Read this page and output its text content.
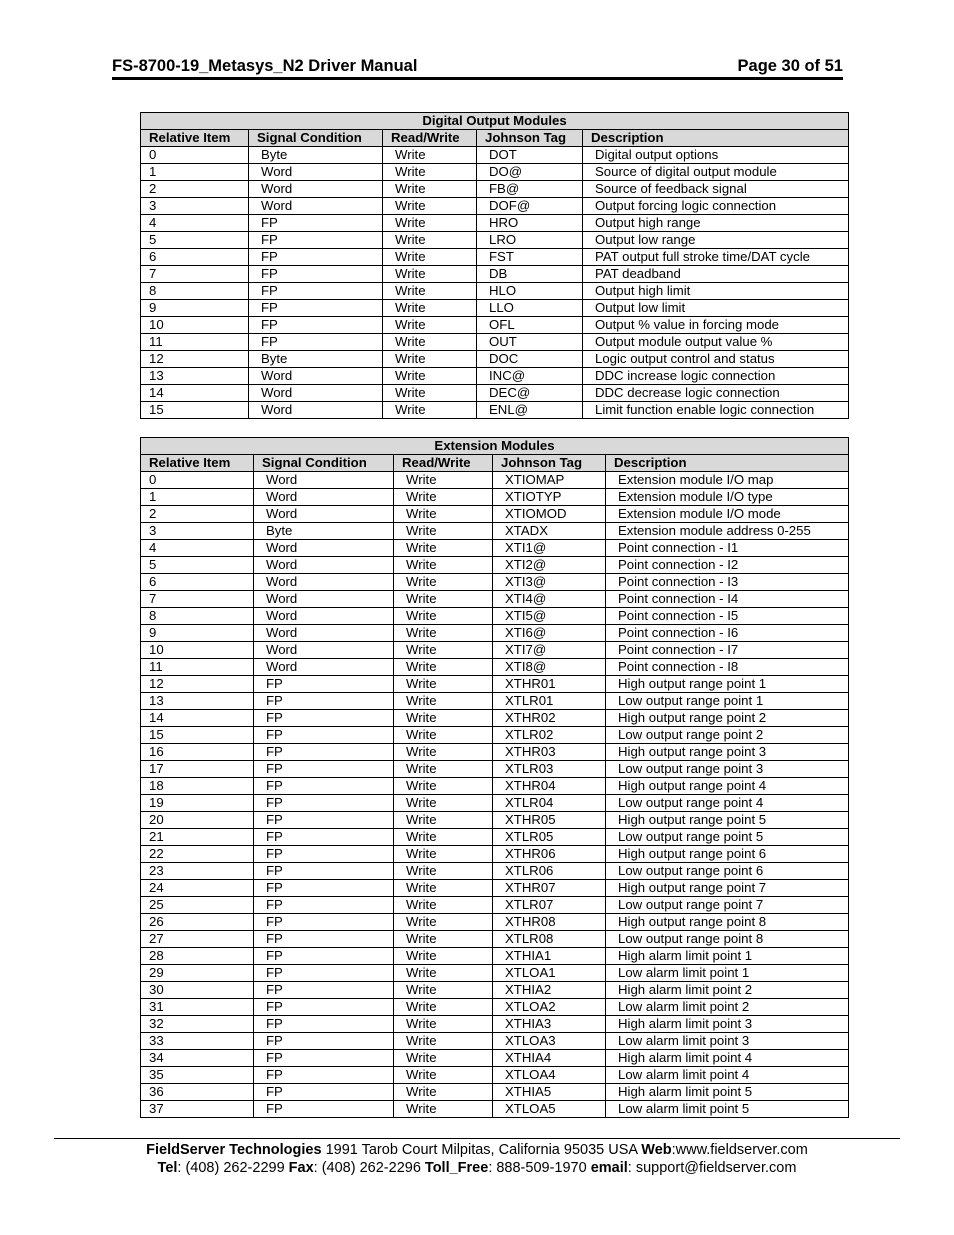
FS-8700-19_Metasys_N2 Driver Manual	Page 30 of 51
Digital Output Modules				
Relative Item	Signal Condition	Read/Write	Johnson Tag	Description
0	Byte	Write	DOT	Digital output options
1	Word	Write	DO@	Source of digital output module
2	Word	Write	FB@	Source of feedback signal
3	Word	Write	DOF@	Output forcing logic connection
4	FP	Write	HRO	Output high range
5	FP	Write	LRO	Output low range
6	FP	Write	FST	PAT output full stroke time/DAT cycle
7	FP	Write	DB	PAT deadband
8	FP	Write	HLO	Output high limit
9	FP	Write	LLO	Output low limit
10	FP	Write	OFL	Output % value in forcing mode
11	FP	Write	OUT	Output module output value %
12	Byte	Write	DOC	Logic output control and status
13	Word	Write	INC@	DDC increase logic connection
14	Word	Write	DEC@	DDC decrease logic connection
15	Word	Write	ENL@	Limit function enable logic connection
Extension Modules				
Relative Item	Signal Condition	Read/Write	Johnson Tag	Description
0	Word	Write	XTIOMAP	Extension module I/O map
1	Word	Write	XTIOTYP	Extension module I/O type
2	Word	Write	XTIOMOD	Extension module I/O mode
3	Byte	Write	XTADX	Extension module address 0-255
4	Word	Write	XTI1@	Point connection - I1
5	Word	Write	XTI2@	Point connection - I2
6	Word	Write	XTI3@	Point connection - I3
7	Word	Write	XTI4@	Point connection - I4
8	Word	Write	XTI5@	Point connection - I5
9	Word	Write	XTI6@	Point connection - I6
10	Word	Write	XTI7@	Point connection - I7
11	Word	Write	XTI8@	Point connection - I8
12	FP	Write	XTHR01	High output range point 1
13	FP	Write	XTLR01	Low output range point 1
14	FP	Write	XTHR02	High output range point 2
15	FP	Write	XTLR02	Low output range point 2
16	FP	Write	XTHR03	High output range point 3
17	FP	Write	XTLR03	Low output range point 3
18	FP	Write	XTHR04	High output range point 4
19	FP	Write	XTLR04	Low output range point 4
20	FP	Write	XTHR05	High output range point 5
21	FP	Write	XTLR05	Low output range point 5
22	FP	Write	XTHR06	High output range point 6
23	FP	Write	XTLR06	Low output range point 6
24	FP	Write	XTHR07	High output range point 7
25	FP	Write	XTLR07	Low output range point 7
26	FP	Write	XTHR08	High output range point 8
27	FP	Write	XTLR08	Low output range point 8
28	FP	Write	XTHIA1	High alarm limit point 1
29	FP	Write	XTLOA1	Low alarm limit point 1
30	FP	Write	XTHIA2	High alarm limit point 2
31	FP	Write	XTLOA2	Low alarm limit point 2
32	FP	Write	XTHIA3	High alarm limit point 3
33	FP	Write	XTLOA3	Low alarm limit point 3
34	FP	Write	XTHIA4	High alarm limit point 4
35	FP	Write	XTLOA4	Low alarm limit point 4
36	FP	Write	XTHIA5	High alarm limit point 5
37	FP	Write	XTLOA5	Low alarm limit point 5
FieldServer Technologies 1991 Tarob Court Milpitas, California 95035 USA Web:www.fieldserver.com
Tel: (408) 262-2299 Fax: (408) 262-2296 Toll_Free: 888-509-1970 email: support@fieldserver.com
